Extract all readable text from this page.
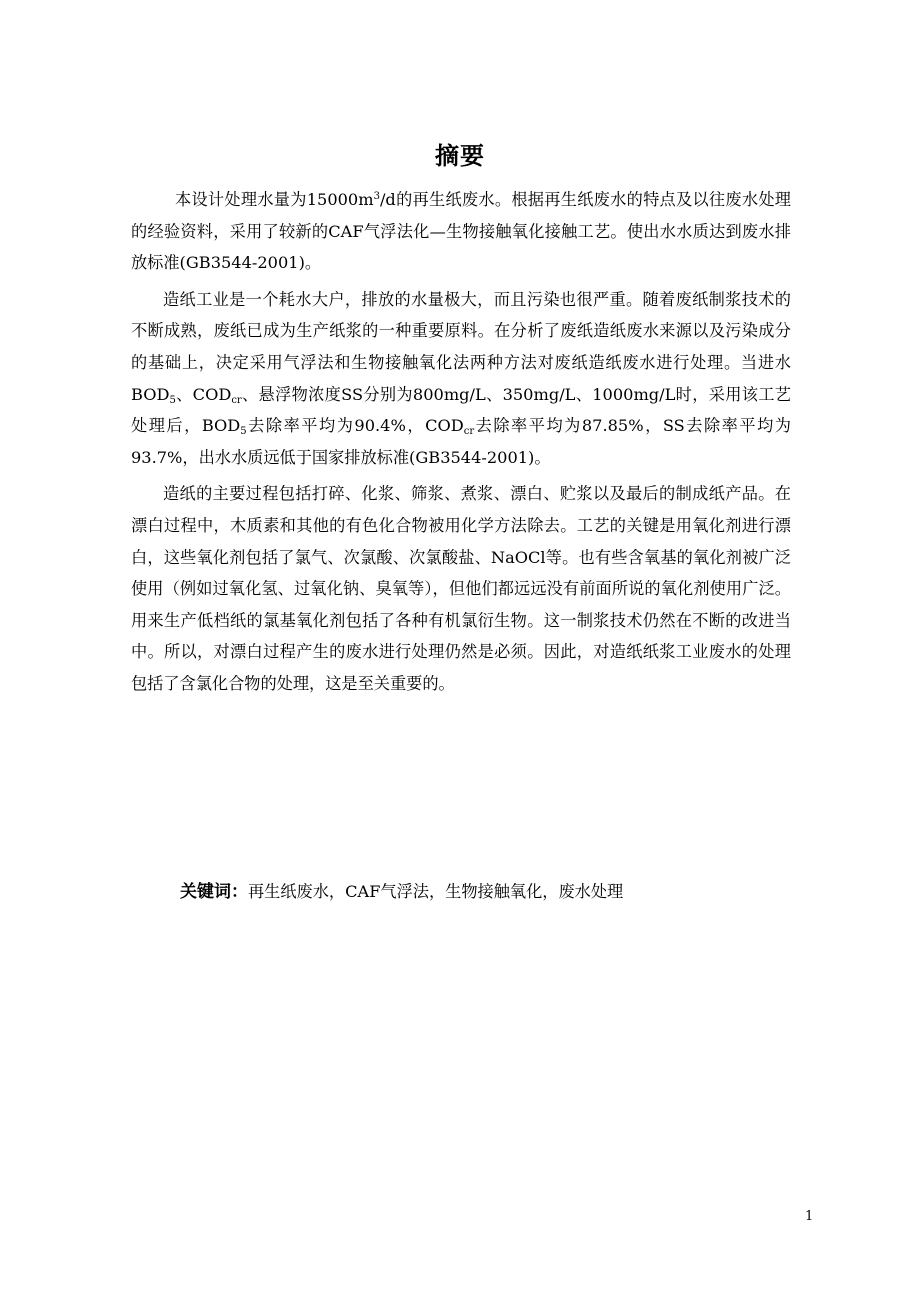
摘要

本设计处理水量为$15000m^3/d$的再生纸废水。根据再生纸废水的特点及以往废水处理的经验资料，采用了较新的CAF气浮法化—生物接触氧化接触工艺。使出水水质达到废水排放标准(GB3544-2001)。

造纸工业是一个耗水大户，排放的水量极大，而且污染也很严重。随着废纸制浆技术的不断成熟，废纸已成为生产纸浆的一种重要原料。在分析了废纸造纸废水来源以及污染成分的基础上，决定采用气浮法和生物接触氧化法两种方法对废纸造纸废水进行处理。当进水$BOD_5$、$COD_{cr}$、悬浮物浓度SS分别为800mg/L、350mg/L、1000mg/L时，采用该工艺处理后，$BOD_5$去除率平均为90.4%，$COD_{cr}$去除率平均为87.85%，SS去除率平均为93.7%，出水水质远低于国家排放标准(GB3544-2001)。

造纸的主要过程包括打碎、化浆、筛浆、煮浆、漂白、贮浆以及最后的制成纸产品。在漂白过程中，木质素和其他的有色化合物被用化学方法除去。工艺的关键是用氧化剂进行漂白，这些氧化剂包括了氯气、次氯酸、次氯酸盐、NaOCl等。也有些含氧基的氧化剂被广泛使用（例如过氧化氢、过氧化钠、臭氧等），但他们都远远没有前面所说的氧化剂使用广泛。用来生产低档纸的氯基氧化剂包括了各种有机氯衍生物。这一制浆技术仍然在不断的改进当中。所以，对漂白过程产生的废水进行处理仍然是必须。因此，对造纸纸浆工业废水的处理包括了含氯化合物的处理，这是至关重要的。

关键词：再生纸废水，CAF气浮法，生物接触氧化，废水处理
1
